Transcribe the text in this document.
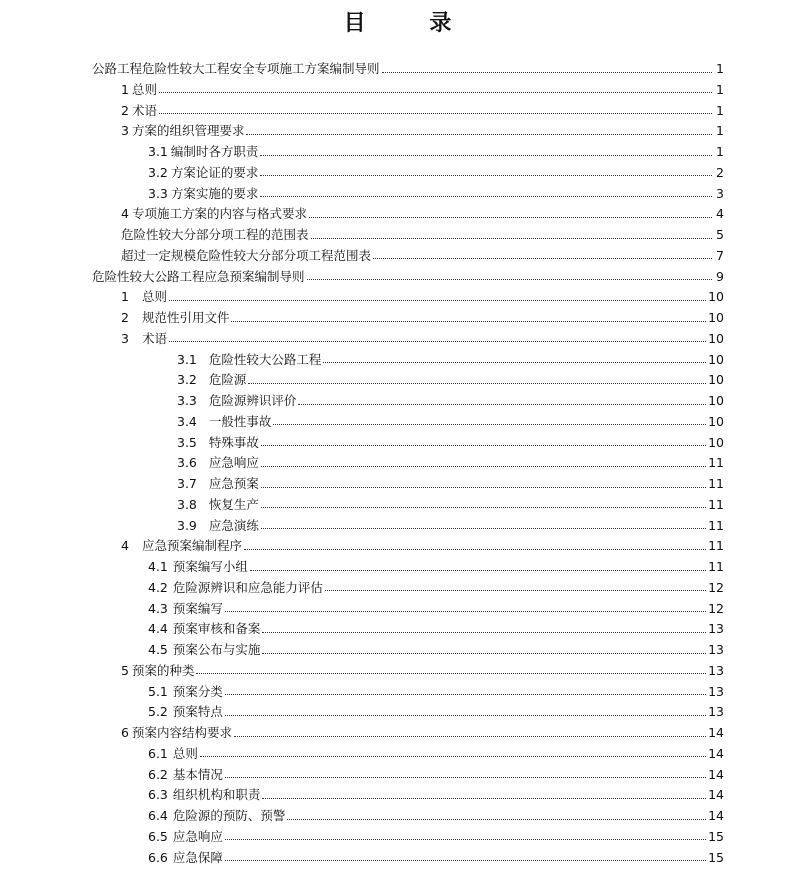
目 录
公路工程危险性较大工程安全专项施工方案编制导则	1
1 总则	1
2 术语	1
3 方案的组织管理要求	1
3.1 编制时各方职责	1
3.2 方案论证的要求	2
3.3 方案实施的要求	3
4 专项施工方案的内容与格式要求	4
危险性较大分部分项工程的范围表	5
超过一定规模危险性较大分部分项工程范围表	7
危险性较大公路工程应急预案编制导则	9
1 总则	10
2 规范性引用文件	10
3 术语	10
3.1 危险性较大公路工程	10
3.2 危险源	10
3.3 危险源辨识评价	10
3.4 一般性事故	10
3.5 特殊事故	10
3.6 应急响应	11
3.7 应急预案	11
3.8 恢复生产	11
3.9 应急演练	11
4 应急预案编制程序	11
4.1 预案编写小组	11
4.2 危险源辨识和应急能力评估	12
4.3 预案编写	12
4.4 预案审核和备案	13
4.5 预案公布与实施	13
5 预案的种类	13
5.1 预案分类	13
5.2 预案特点	13
6 预案内容结构要求	14
6.1 总则	14
6.2 基本情况	14
6.3 组织机构和职责	14
6.4 危险源的预防、预警	14
6.5 应急响应	15
6.6 应急保障	15
